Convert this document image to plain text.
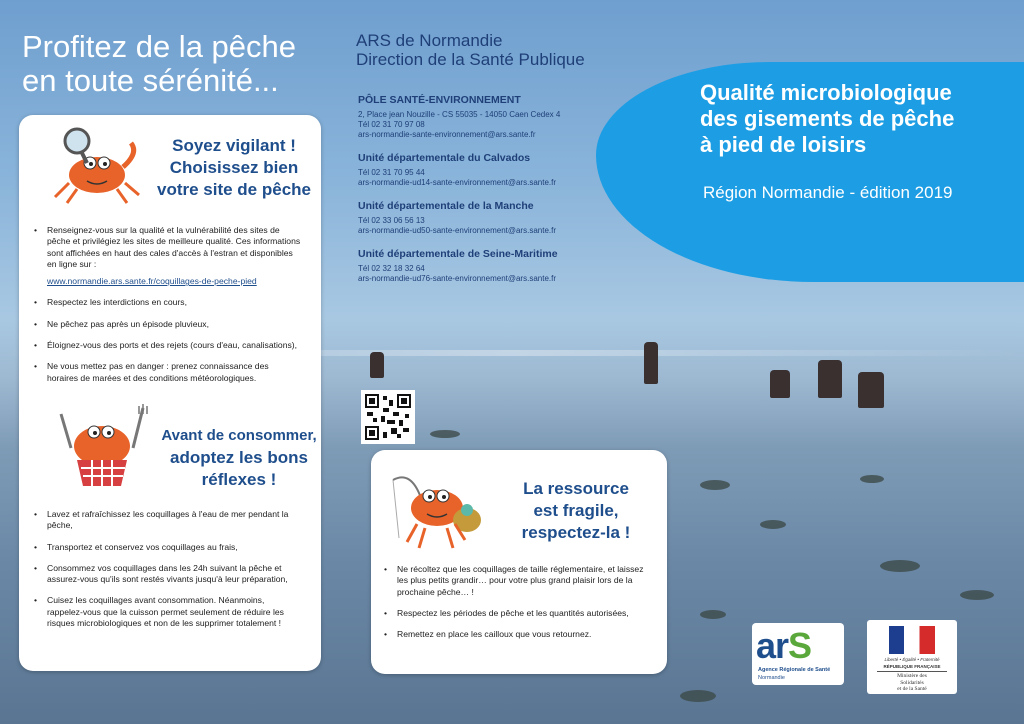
Profitez de la pêche
en toute sérénité...
Soyez vigilant !
Choisissez bien
votre site de pêche
• Renseignez-vous sur la qualité et la vulnérabilité des sites de pêche et privilégiez les sites de meilleure qualité. Ces informations sont affichées en haut des cales d'accès à l'estran et disponibles en ligne sur :
www.normandie.ars.sante.fr/coquillages-de-peche-pied
• Respectez les interdictions en cours,
• Ne pêchez pas après un épisode pluvieux,
• Éloignez-vous des ports et des rejets (cours d'eau, canalisations),
• Ne vous mettez pas en danger : prenez connaissance des horaires de marées et des conditions météorologiques.
Avant de consommer,
adoptez les bons
réflexes !
• Lavez et rafraîchissez les coquillages à l'eau de mer pendant la pêche,
• Transportez et conservez vos coquillages au frais,
• Consommez vos coquillages dans les 24h suivant la pêche et assurez-vous qu'ils sont restés vivants jusqu'à leur préparation,
• Cuisez les coquillages avant consommation. Néanmoins, rappelez-vous que la cuisson permet seulement de réduire les risques microbiologiques et non de les supprimer totalement !
ARS de Normandie
Direction de la Santé Publique
PÔLE SANTÉ-ENVIRONNEMENT
2, Place jean Nouzille - CS 55035 - 14050 Caen Cedex 4
Tél 02 31 70 97 08
ars-normandie-sante-environnement@ars.sante.fr
Unité départementale du Calvados
Tél 02 31 70 95 44
ars-normandie-ud14-sante-environnement@ars.sante.fr
Unité départementale de la Manche
Tél 02 33 06 56 13
ars-normandie-ud50-sante-environnement@ars.sante.fr
Unité départementale de Seine-Maritime
Tél 02 32 18 32 64
ars-normandie-ud76-sante-environnement@ars.sante.fr
Qualité microbiologique
des gisements de pêche
à pied de loisirs
Région Normandie - édition 2019
La ressource
est fragile,
respectez-la !
• Ne récoltez que les coquillages de taille réglementaire, et laissez les plus petits grandir… pour votre plus grand plaisir lors de la prochaine pêche… !
• Respectez les périodes de pêche et les quantités autorisées,
• Remettez en place les cailloux que vous retournez.	arS
Agence Régionale de Santé
Normandie
Liberté • Égalité • Fraternité
RÉPUBLIQUE FRANÇAISE
Ministère des
Solidarités
et de la Santé
